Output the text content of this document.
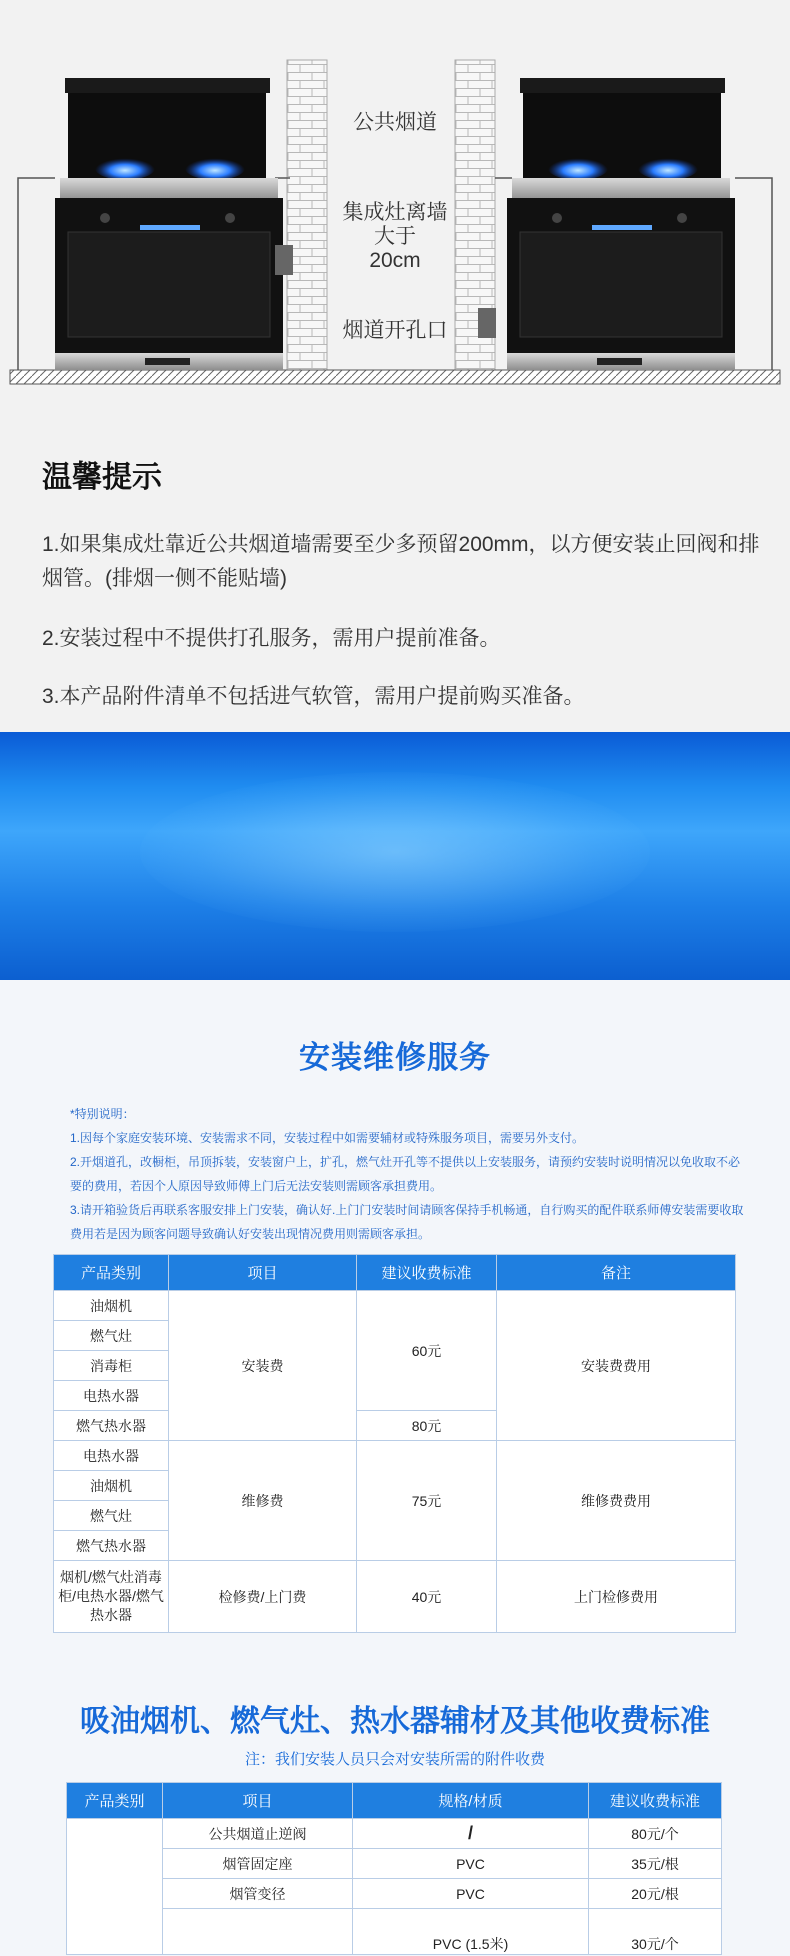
公共烟道
集成灶离墙
大于
20cm
烟道开孔口
温馨提示

1.如果集成灶靠近公共烟道墙需要至少多预留200mm，以方便安装止回阀和排烟管。(排烟一侧不能贴墙)

2.安装过程中不提供打孔服务，需用户提前准备。

3.本产品附件清单不包括进气软管，需用户提前购买准备。

安装维修服务
*特别说明：
1.因每个家庭安装环境、安装需求不同，安装过程中如需要辅材或特殊服务项目，需要另外支付。
2.开烟道孔，改橱柜，吊顶拆装，安装窗户上，扩孔，燃气灶开孔等不提供以上安装服务，请预约安装时说明情况以免收取不必要的费用，若因个人原因导致师傅上门后无法安装则需顾客承担费用。
3.请开箱验货后再联系客服安排上门安装，确认好.上门门安装时间请顾客保持手机畅通，自行购买的配件联系师傅安装需要收取费用若是因为顾客问题导致确认好安装出现情况费用则需顾客承担。
产品类别	项目	建议收费标准	备注
油烟机	安装费	60元	安装费费用
燃气灶			
消毒柜			
电热水器			
燃气热水器		80元	
电热水器	维修费	75元	维修费费用
油烟机			
燃气灶			
燃气热水器			
烟机/燃气灶消毒柜/电热水器/燃气热水器	检修费/上门费	40元	上门检修费用
吸油烟机、燃气灶、热水器辅材及其他收费标准
注：我们安装人员只会对安装所需的附件收费
产品类别	项目	规格/材质	建议收费标准
	公共烟道止逆阀	/	80元/个
	烟管固定座	PVC	35元/根
	烟管变径	PVC	20元/根
		PVC (1.5米)	30元/个
